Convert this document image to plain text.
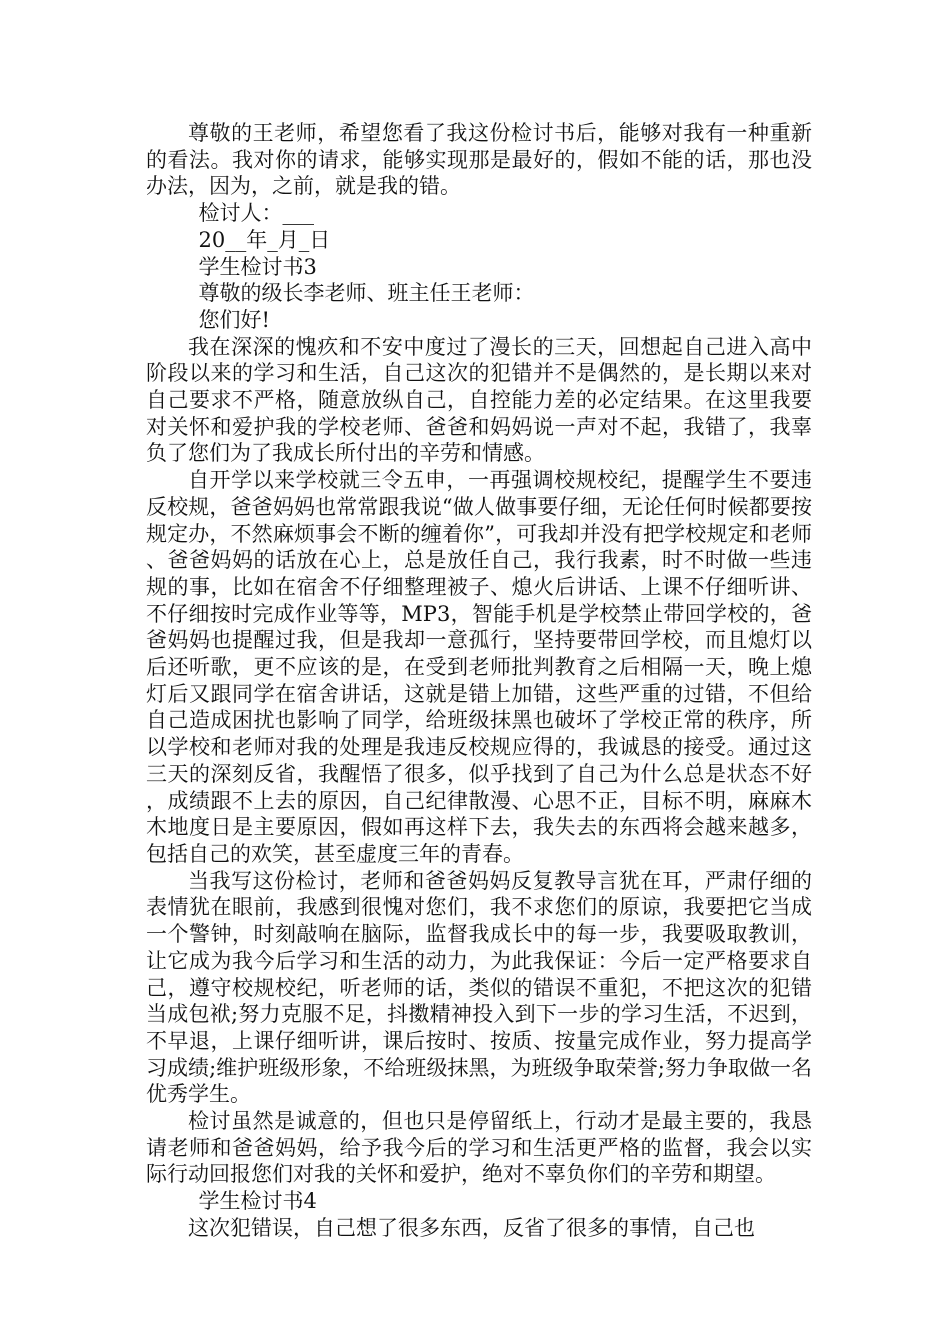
尊敬的王老师，希望您看了我这份检讨书后，能够对我有一种重新的看法。我对你的请求，能够实现那是最好的，假如不能的话，那也没办法，因为，之前，就是我的错。

检讨人：___

20__年_月_日

学生检讨书3

尊敬的级长李老师、班主任王老师：

您们好!

我在深深的愧疚和不安中度过了漫长的三天，回想起自己进入高中阶段以来的学习和生活，自己这次的犯错并不是偶然的，是长期以来对自己要求不严格，随意放纵自己，自控能力差的必定结果。在这里我要对关怀和爱护我的学校老师、爸爸和妈妈说一声对不起，我错了，我辜负了您们为了我成长所付出的辛劳和情感。

自开学以来学校就三令五申，一再强调校规校纪，提醒学生不要违反校规，爸爸妈妈也常常跟我说“做人做事要仔细，无论任何时候都要按规定办，不然麻烦事会不断的缠着你”，可我却并没有把学校规定和老师、爸爸妈妈的话放在心上，总是放任自己，我行我素，时不时做一些违规的事，比如在宿舍不仔细整理被子、熄火后讲话、上课不仔细听讲、不仔细按时完成作业等等，MP3，智能手机是学校禁止带回学校的，爸爸妈妈也提醒过我，但是我却一意孤行，坚持要带回学校，而且熄灯以后还听歌，更不应该的是，在受到老师批判教育之后相隔一天，晚上熄灯后又跟同学在宿舍讲话，这就是错上加错，这些严重的过错，不但给自己造成困扰也影响了同学，给班级抹黑也破坏了学校正常的秩序，所以学校和老师对我的处理是我违反校规应得的，我诚恳的接受。通过这三天的深刻反省，我醒悟了很多，似乎找到了自己为什么总是状态不好，成绩跟不上去的原因，自己纪律散漫、心思不正，目标不明，麻麻木木地度日是主要原因，假如再这样下去，我失去的东西将会越来越多，包括自己的欢笑，甚至虚度三年的青春。

当我写这份检讨，老师和爸爸妈妈反复教导言犹在耳，严肃仔细的表情犹在眼前，我感到很愧对您们，我不求您们的原谅，我要把它当成一个警钟，时刻敲响在脑际，监督我成长中的每一步，我要吸取教训，让它成为我今后学习和生活的动力，为此我保证：今后一定严格要求自己，遵守校规校纪，听老师的话，类似的错误不重犯，不把这次的犯错当成包袱;努力克服不足，抖擞精神投入到下一步的学习生活，不迟到，不早退，上课仔细听讲，课后按时、按质、按量完成作业，努力提高学习成绩;维护班级形象，不给班级抹黑，为班级争取荣誉;努力争取做一名优秀学生。

检讨虽然是诚意的，但也只是停留纸上，行动才是最主要的，我恳请老师和爸爸妈妈，给予我今后的学习和生活更严格的监督，我会以实际行动回报您们对我的关怀和爱护，绝对不辜负你们的辛劳和期望。

学生检讨书4

这次犯错误，自己想了很多东西，反省了很多的事情，自己也
